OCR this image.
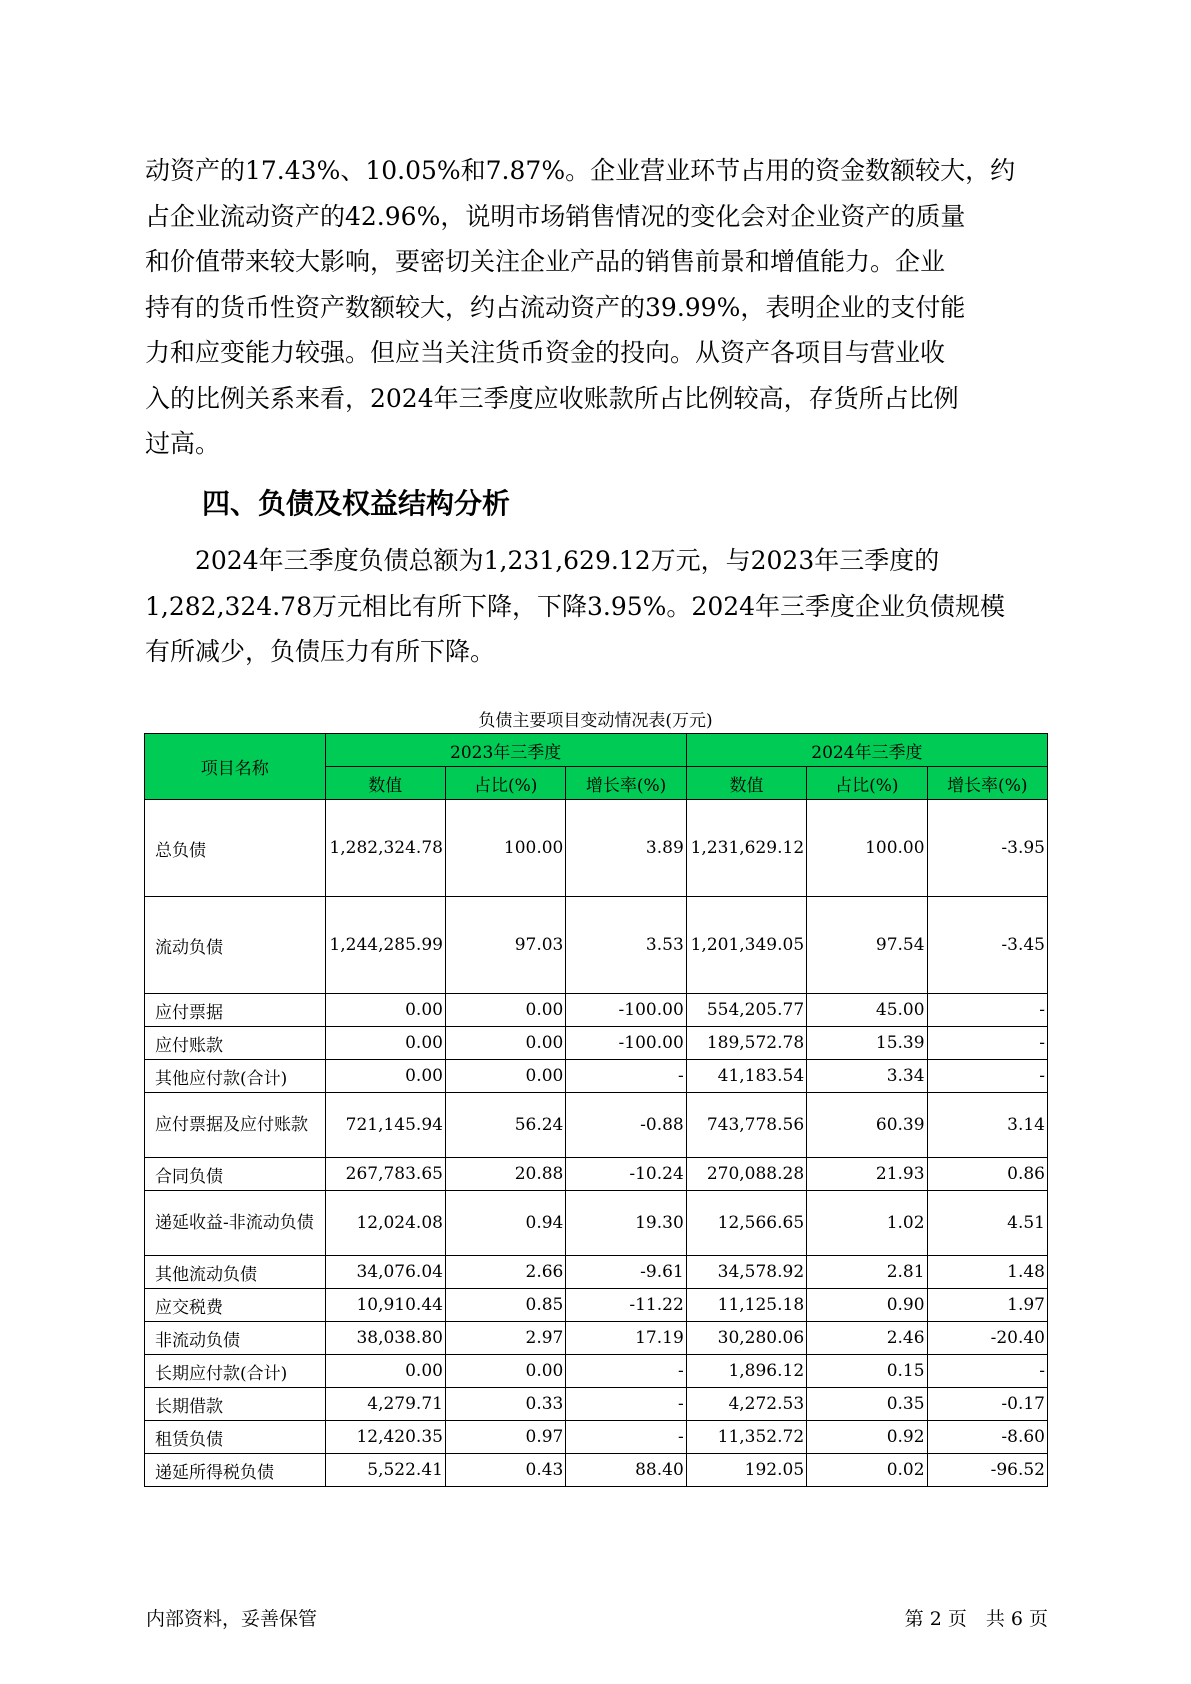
动资产的17.43%、10.05%和7.87%。企业营业环节占用的资金数额较大，约
占企业流动资产的42.96%，说明市场销售情况的变化会对企业资产的质量
和价值带来较大影响，要密切关注企业产品的销售前景和增值能力。企业
持有的货币性资产数额较大，约占流动资产的39.99%，表明企业的支付能
力和应变能力较强。但应当关注货币资金的投向。从资产各项目与营业收
入的比例关系来看，2024年三季度应收账款所占比例较高，存货所占比例
过高。
四、负债及权益结构分析
　　2024年三季度负债总额为1,231,629.12万元，与2023年三季度的
1,282,324.78万元相比有所下降，下降3.95%。2024年三季度企业负债规模
有所减少，负债压力有所下降。
负债主要项目变动情况表(万元)
项目名称	2023年三季度			2024年三季度		
	数值	占比(%)	增长率(%)	数值	占比(%)	增长率(%)
总负债	1,282,324.78	100.00	3.89	1,231,629.12	100.00	-3.95
流动负债	1,244,285.99	97.03	3.53	1,201,349.05	97.54	-3.45
应付票据	0.00	0.00	-100.00	554,205.77	45.00	-
应付账款	0.00	0.00	-100.00	189,572.78	15.39	-
其他应付款(合计)	0.00	0.00	-	41,183.54	3.34	-
应付票据及应付账款	721,145.94	56.24	-0.88	743,778.56	60.39	3.14
合同负债	267,783.65	20.88	-10.24	270,088.28	21.93	0.86
递延收益-非流动负债	12,024.08	0.94	19.30	12,566.65	1.02	4.51
其他流动负债	34,076.04	2.66	-9.61	34,578.92	2.81	1.48
应交税费	10,910.44	0.85	-11.22	11,125.18	0.90	1.97
非流动负债	38,038.80	2.97	17.19	30,280.06	2.46	-20.40
长期应付款(合计)	0.00	0.00	-	1,896.12	0.15	-
长期借款	4,279.71	0.33	-	4,272.53	0.35	-0.17
租赁负债	12,420.35	0.97	-	11,352.72	0.92	-8.60
递延所得税负债	5,522.41	0.43	88.40	192.05	0.02	-96.52
内部资料，妥善保管	第 2 页　共 6 页
